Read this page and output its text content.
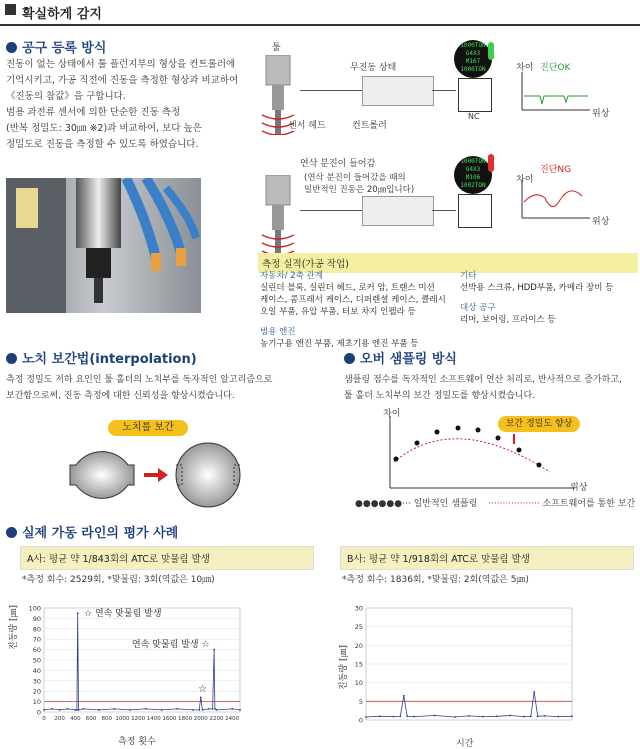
확실하게 감지
공구 등록 방식
진동이 없는 상태에서 툴 플런지부의 형상을 컨트롤러에
기억시키고, 가공 직전에 진동을 측정한 형상과 비교하여
《진동의 참값》을 구합니다.
범용 과전류 센서에 의한 단순한 진동 측정
(반복 정밀도: 30㎛ ※2)과 비교하여, 보다 높은
정밀도로 진동을 측정할 수 있도록 하였습니다.
툴
무진동 상태
센서 헤드	컨트롤러
1000TON
G4X3
M167
1000TON
NC
차이 진단OK
위상
연삭 분진이 들어감
(연삭 분진이 들어갔을 때의
일반적인 진동은 20㎛입니다)
1000TON
G4X3
M106
1002TON
차이
진단NG
위상
측정 실적(가공 작업)
자동차/ 2축 관계
실린더 블록, 실린더 헤드, 로커 암, 트랜스 미션
케이스, 콤프레서 케이스, 디퍼렌셜 케이스, 클레시
오일 부품, 유압 부품, 터보 차지 인펠라 등
범용 엔진
농기구용 엔진 부품, 제초기용 엔진 부품 등
기타
선박용 스크류, HDD부품, 카메라 장비 등
대상 공구
리머, 보어링, 프라이스 등
노치 보간법(interpolation)
측정 정밀도 저하 요인인 툴 홀더의 노치부를 독자적인 알고리즘으로
보간함으로써, 진동 측정에 대한 신뢰성을 향상시켰습니다.
노치를 보간
오버 샘플링 방식
샘플링 점수를 독자적인 소프트웨어 연산 처리로, 반사적으로 증가하고,
툴 홀더 노치부의 보간 정밀도를 향상시켰습니다.
차이
보간 정밀도 향상
위상
●●●●●●··· 일반적인 샘플링 ·················· 소프트웨어를 통한 보간
실제 가동 라인의 평가 사례
A사: 평균 약 1/843회의 ATC로 맞물림 발생
*측정 회수: 2529회, *맞물림: 3회(역값은 10㎛)
B사: 평균 약 1/918회의 ATC로 맞물림 발생
*측정 회수: 1836회, *맞물림: 2회(역값은 5㎛)
0
10
20
30
40
50
60
70
80
90
100
0 200 400 600 800 1000 1200 1400 1600 1800 2000 2200 2400
☆ 연속 맞물림 발생
연속 맞물림 발생 ☆
☆
진동량 [㎛]
측정 횟수
0
5
10
15
20
25
30
진동량 [㎛]
시간
